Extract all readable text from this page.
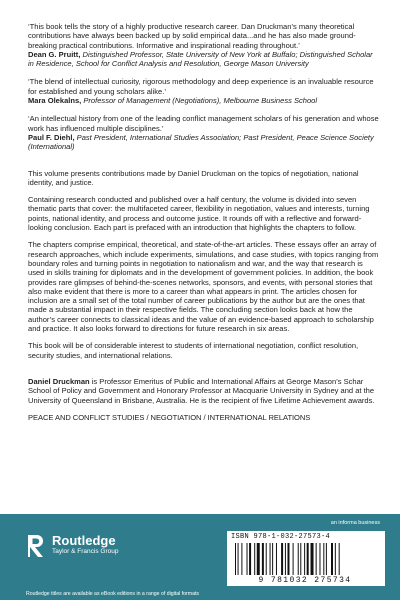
‘This book tells the story of a highly productive research career. Dan Druckman’s many theoretical contributions have always been backed up by solid empirical data...and he has also made ground-breaking practical contributions. Informative and inspirational reading throughout.’

Dean G. Pruitt, Distinguished Professor, State University of New York at Buffalo; Distinguished Scholar in Residence, School for Conflict Analysis and Resolution, George Mason University

‘The blend of intellectual curiosity, rigorous methodology and deep experience is an invaluable resource for established and young scholars alike.’

Mara Olekalns, Professor of Management (Negotiations), Melbourne Business School

‘An intellectual history from one of the leading conflict management scholars of his generation and whose work has influenced multiple disciplines.’

Paul F. Diehl, Past President, International Studies Association; Past President, Peace Science Society (International)

This volume presents contributions made by Daniel Druckman on the topics of negotiation, national identity, and justice.

Containing research conducted and published over a half century, the volume is divided into seven thematic parts that cover: the multifaceted career, flexibility in negotiation, values and interests, turning points, national identity, and process and outcome justice. It rounds off with a reflective and forward-looking conclusion. Each part is prefaced with an introduction that highlights the chapters to follow.

The chapters comprise empirical, theoretical, and state-of-the-art articles. These essays offer an array of research approaches, which include experiments, simulations, and case studies, with topics ranging from boundary roles and turning points in negotiation to nationalism and war, and the way that research is used in skills training for diplomats and in the development of government policies. In addition, the book provides rare glimpses of behind-the-scenes networks, sponsors, and events, with personal stories that also make evident that there is more to a career than what appears in print. The articles chosen for inclusion are a small set of the total number of career publications by the author but are the ones that made a substantial impact in their respective fields. The concluding section looks back at how the author’s career connects to classical ideas and the value of an evidence-based approach to scholarship and practice. It also looks forward to directions for future research in six areas.

This book will be of considerable interest to students of international negotiation, conflict resolution, security studies, and international relations.

Daniel Druckman is Professor Emeritus of Public and International Affairs at George Mason’s Schar School of Policy and Government and Honorary Professor at Macquarie University in Sydney and at the University of Queensland in Brisbane, Australia. He is the recipient of five Lifetime Achievement awards.

PEACE AND CONFLICT STUDIES / NEGOTIATION / INTERNATIONAL RELATIONS

an informa business

Routledge

Taylor & Francis Group

ISBN 978-1-032-27573-4
9 781032 275734
Routledge titles are available as eBook editions in a range of digital formats
